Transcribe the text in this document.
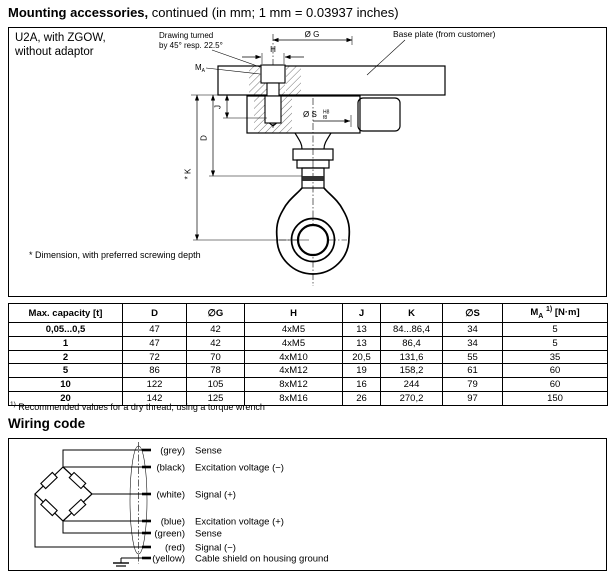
Mounting accessories, continued (in mm; 1 mm = 0.03937 inches)
U2A, with ZGOW,
without adaptor	H
Ø G
Ø S H8
f8
J
D
* K
$M_A$
Drawing turned
by 45° resp. 22.5°
Base plate (from customer)
* Dimension, with preferred screwing depth
Max. capacity [t]	D	∅G	H	J	K	∅S	$M_A$ $^{1)}$ [N·m]
0,05...0,5	47	42	4xM5	13	84...86,4	34	5
1	47	42	4xM5	13	86,4	34	5
2	72	70	4xM10	20,5	131,6	55	35
5	86	78	4xM12	19	158,2	61	60
10	122	105	8xM12	16	244	79	60
20	142	125	8xM16	26	270,2	97	150
$^{1)}$ Recommended values for a dry thread, using a torque wrench
Wiring code
(grey) Sense
(black) Excitation voltage (−)
(white) Signal (+)
(blue) Excitation voltage (+)
(green) Sense
(red) Signal (−)
(yellow) Cable shield on housing ground
